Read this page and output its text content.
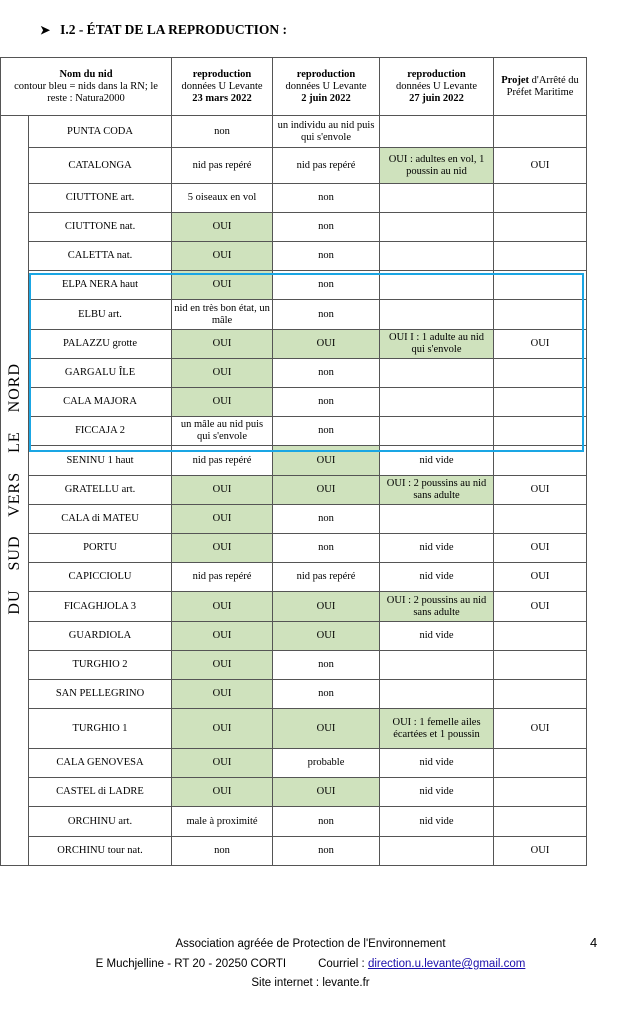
➤ I.2 - ÉTAT DE LA REPRODUCTION :
Nom du nid
contour bleu = nids dans la RN; le reste : Natura2000		reproduction
données U Levante
23 mars 2022	reproduction
données U Levante
2 juin 2022	reproduction
données U Levante
27 juin 2022	Projet d'Arrêté du Préfet Maritime
DU SUD VERS LE NORD	PUNTA CODA	non	un individu au nid puis qui s'envole		
	CATALONGA	nid pas repéré	nid pas repéré	OUI : adultes en vol, 1 poussin au nid	OUI
	CIUTTONE art.	5 oiseaux en vol	non		
	CIUTTONE nat.	OUI	non		
	CALETTA nat.	OUI	non		
	ELPA NERA haut	OUI	non		
	ELBU art.	nid en très bon état, un mâle	non		
	PALAZZU grotte	OUI	OUI	OUI I : 1 adulte au nid qui s'envole	OUI
	GARGALU ÎLE	OUI	non		
	CALA MAJORA	OUI	non		
	FICCAJA 2	un mâle au nid puis qui s'envole	non		
	SENINU 1 haut	nid pas repéré	OUI	nid vide	
	GRATELLU art.	OUI	OUI	OUI : 2 poussins au nid sans adulte	OUI
	CALA di MATEU	OUI	non		
	PORTU	OUI	non	nid vide	OUI
	CAPICCIOLU	nid pas repéré	nid pas repéré	nid vide	OUI
	FICAGHJOLA 3	OUI	OUI	OUI : 2 poussins au nid sans adulte	OUI
	GUARDIOLA	OUI	OUI	nid vide	
	TURGHIO 2	OUI	non		
	SAN PELLEGRINO	OUI	non		
	TURGHIO 1	OUI	OUI	OUI : 1 femelle ailes écartées et 1 poussin	OUI
	CALA GENOVESA	OUI	probable	nid vide	
	CASTEL di LADRE	OUI	OUI	nid vide	
	ORCHINU art.	male à proximité	non	nid vide	
	ORCHINU tour nat.	non	non		OUI
Association agréée de Protection de l'Environnement
E Muchjelline - RT 20 - 20250 CORTI	Courriel : direction.u.levante@gmail.com
Site internet : levante.fr
4
